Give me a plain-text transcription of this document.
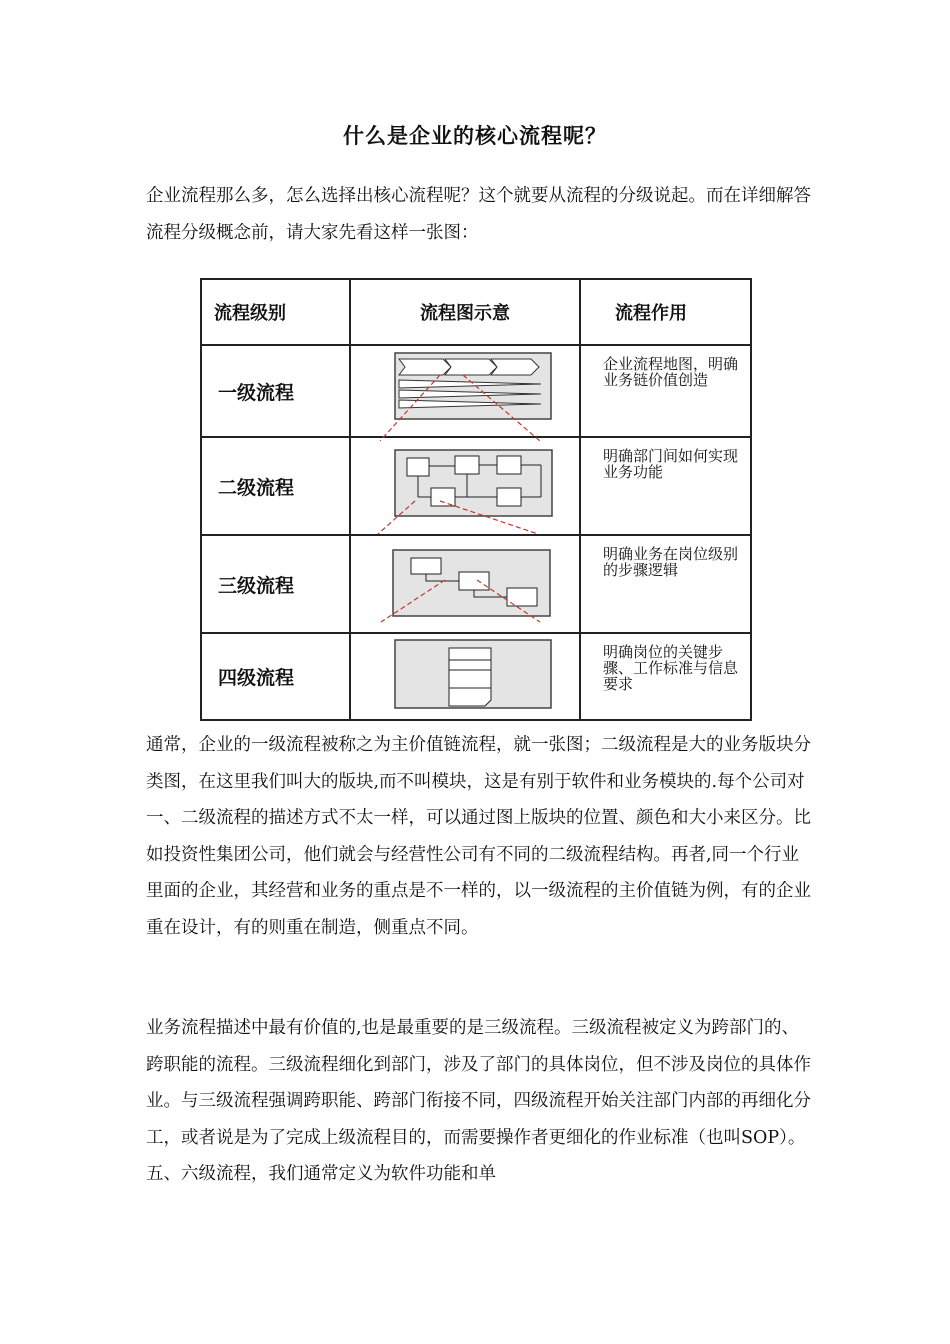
什么是企业的核心流程呢？

企业流程那么多，怎么选择出核心流程呢？这个就要从流程的分级说起。而在详细解答流程分级概念前，请大家先看这样一张图：

流程级别	流程图示意	流程作用
一级流程		企业流程地图，明确业务链价值创造
二级流程		明确部门间如何实现业务功能
三级流程		明确业务在岗位级别的步骤逻辑
四级流程		明确岗位的关键步骤、工作标准与信息要求

通常，企业的一级流程被称之为主价值链流程，就一张图；二级流程是大的业务版块分类图，在这里我们叫大的版块,而不叫模块，这是有别于软件和业务模块的.每个公司对一、二级流程的描述方式不太一样，可以通过图上版块的位置、颜色和大小来区分。比如投资性集团公司，他们就会与经营性公司有不同的二级流程结构。再者,同一个行业里面的企业，其经营和业务的重点是不一样的，以一级流程的主价值链为例，有的企业重在设计，有的则重在制造，侧重点不同。

业务流程描述中最有价值的,也是最重要的是三级流程。三级流程被定义为跨部门的、跨职能的流程。三级流程细化到部门，涉及了部门的具体岗位，但不涉及岗位的具体作业。与三级流程强调跨职能、跨部门衔接不同，四级流程开始关注部门内部的再细化分工，或者说是为了完成上级流程目的，而需要操作者更细化的作业标准（也叫SOP）。五、六级流程，我们通常定义为软件功能和单
